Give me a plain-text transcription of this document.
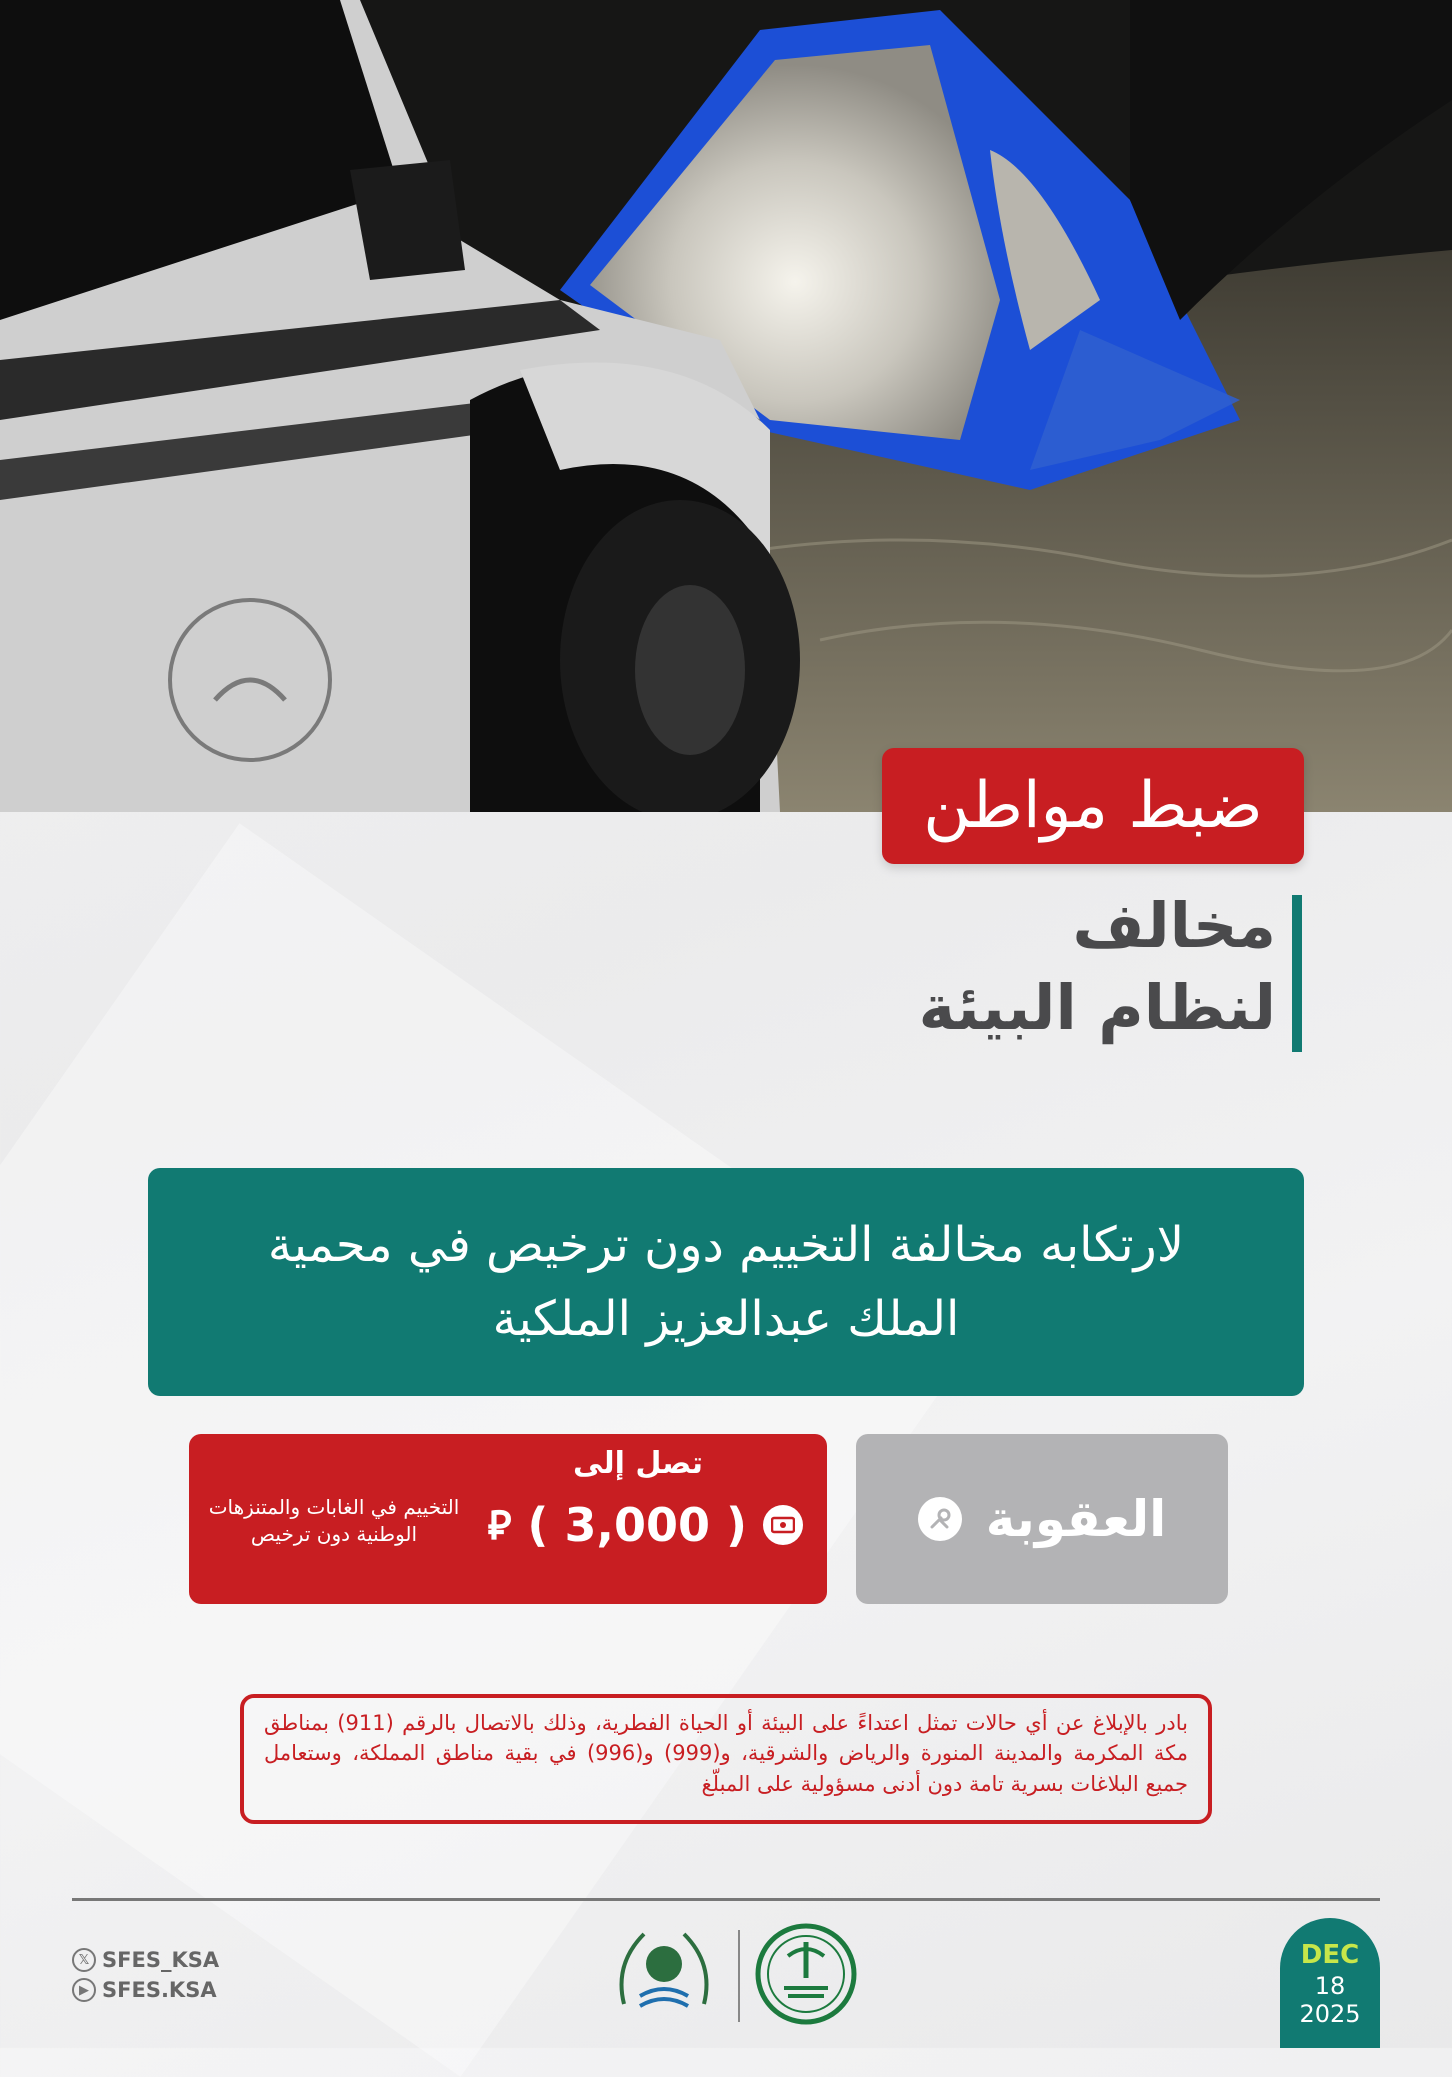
ضبط مواطن
مخالف
لنظام البيئة
لارتكابه مخالفة التخييم دون ترخيص في محمية الملك عبدالعزيز الملكية
العقوبة
تصل إلى
( 3,000 )
⃁
التخييم في الغابات والمتنزهات الوطنية دون ترخيص
بادر بالإبلاغ عن أي حالات تمثل اعتداءً على البيئة أو الحياة الفطرية، وذلك بالاتصال بالرقم (911) بمناطق مكة المكرمة والمدينة المنورة والرياض والشرقية، و(999) و(996) في بقية مناطق المملكة، وستعامل جميع البلاغات بسرية تامة دون أدنى مسؤولية على المبلّغ
𝕏 SFES_KSA
▶ SFES.KSA
DEC
18
2025
